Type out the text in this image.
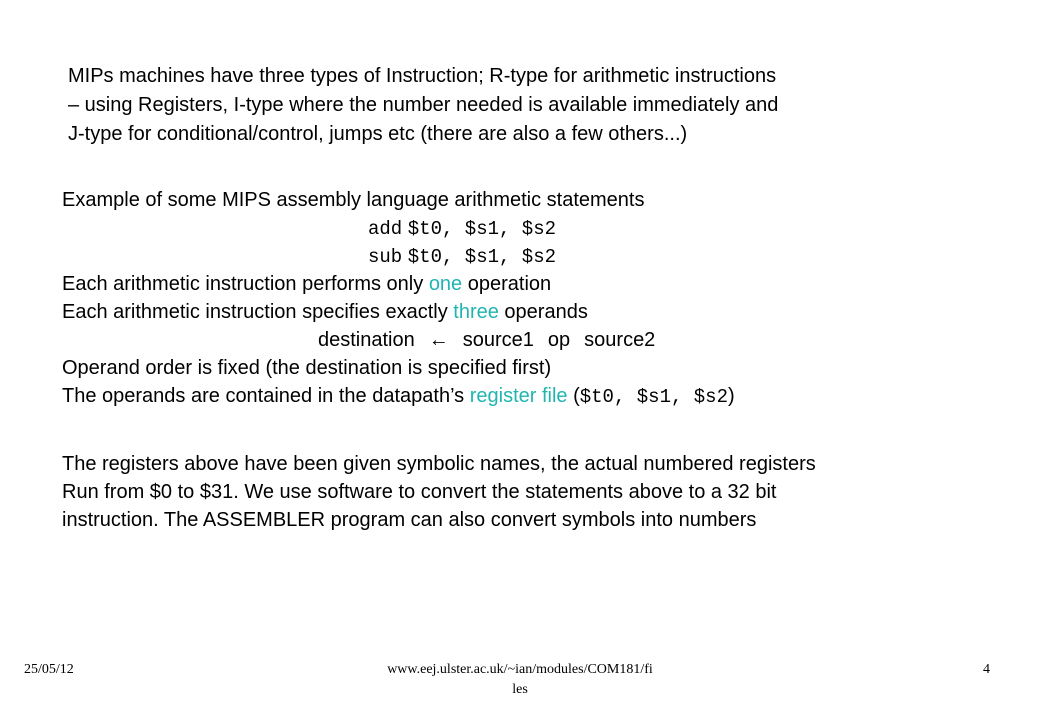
MIPs machines have three types of Instruction; R-type for arithmetic instructions
– using Registers, I-type where the number needed is available immediately and
J-type for conditional/control, jumps etc (there are also a few others...)
Example of some MIPS assembly language arithmetic statements
add $t0, $s1, $s2
sub $t0, $s1, $s2
Each arithmetic instruction performs only one operation
Each arithmetic instruction specifies exactly three operands
destination ← source1 op source2
Operand order is fixed (the destination is specified first)
The operands are contained in the datapath’s register file ($t0, $s1, $s2)
The registers above have been given symbolic names, the actual numbered registers
Run from $0 to $31. We use software to convert the statements above to a 32 bit
instruction. The ASSEMBLER program can also convert symbols into numbers
25/05/12	www.eej.ulster.ac.uk/~ian/modules/COM181/fi
les
4
